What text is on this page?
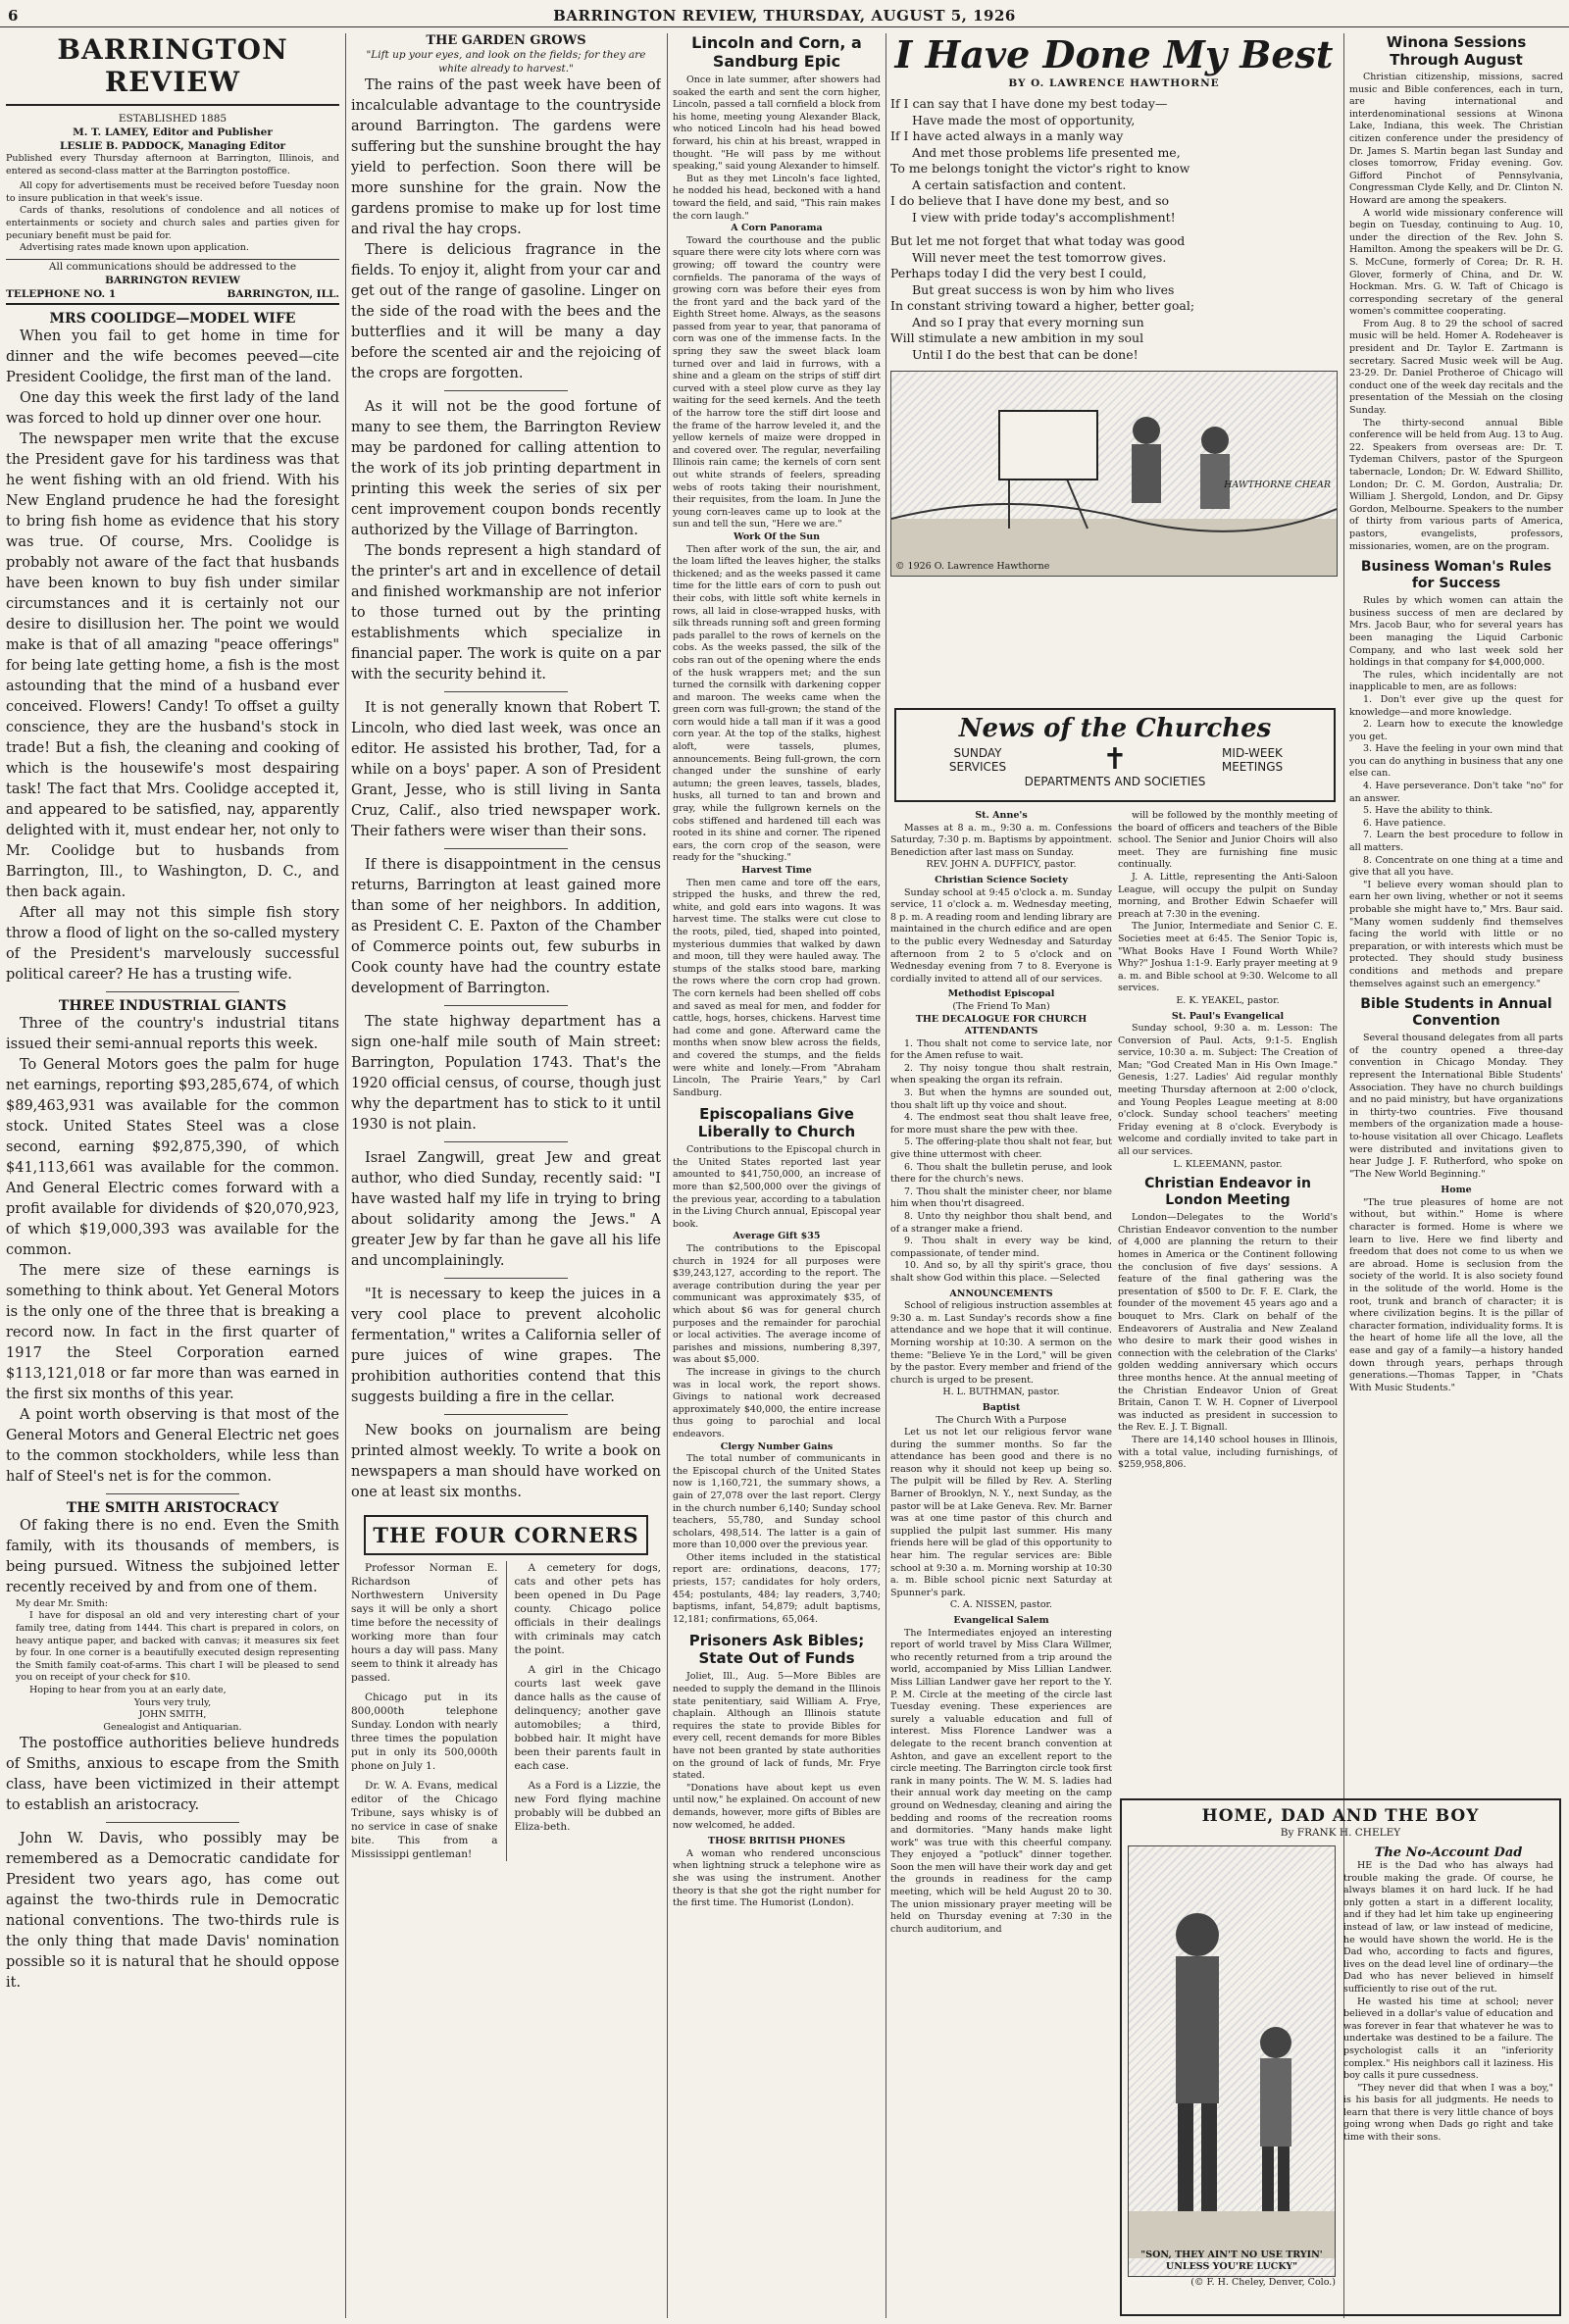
6	BARRINGTON REVIEW, THURSDAY, AUGUST 5, 1926
BARRINGTON REVIEW
ESTABLISHED 1885
M. T. LAMEY, Editor and Publisher
LESLIE B. PADDOCK, Managing Editor

Published every Thursday afternoon at Barrington, Illinois, and entered as second-class matter at the Barrington postoffice.

All copy for advertisements must be received before Tuesday noon to insure publication in that week's issue.

Cards of thanks, resolutions of condolence and all notices of entertainments or society and church sales and parties given for pecuniary benefit must be paid for.

Advertising rates made known upon application.

All communications should be addressed to the
BARRINGTON REVIEW
TELEPHONE NO. 1	BARRINGTON, ILL.
MRS COOLIDGE—MODEL WIFE

When you fail to get home in time for dinner and the wife becomes peeved—cite President Coolidge, the first man of the land.

One day this week the first lady of the land was forced to hold up dinner over one hour.

The newspaper men write that the excuse the President gave for his tardiness was that he went fishing with an old friend. With his New England prudence he had the foresight to bring fish home as evidence that his story was true. Of course, Mrs. Coolidge is probably not aware of the fact that husbands have been known to buy fish under similar circumstances and it is certainly not our desire to disillusion her. The point we would make is that of all amazing "peace offerings" for being late getting home, a fish is the most astounding that the mind of a husband ever conceived. Flowers! Candy! To offset a guilty conscience, they are the husband's stock in trade! But a fish, the cleaning and cooking of which is the housewife's most despairing task! The fact that Mrs. Coolidge accepted it, and appeared to be satisfied, nay, apparently delighted with it, must endear her, not only to Mr. Coolidge but to husbands from Barrington, Ill., to Washington, D. C., and then back again.

After all may not this simple fish story throw a flood of light on the so-called mystery of the President's marvelously successful political career? He has a trusting wife.

THREE INDUSTRIAL GIANTS

Three of the country's industrial titans issued their semi-annual reports this week.

To General Motors goes the palm for huge net earnings, reporting $93,285,674, of which $89,463,931 was available for the common stock. United States Steel was a close second, earning $92,875,390, of which $41,113,661 was available for the common. And General Electric comes forward with a profit available for dividends of $20,070,923, of which $19,000,393 was available for the common.

The mere size of these earnings is something to think about. Yet General Motors is the only one of the three that is breaking a record now. In fact in the first quarter of 1917 the Steel Corporation earned $113,121,018 or far more than was earned in the first six months of this year.

A point worth observing is that most of the General Motors and General Electric net goes to the common stockholders, while less than half of Steel's net is for the common.

THE SMITH ARISTOCRACY

Of faking there is no end. Even the Smith family, with its thousands of members, is being pursued. Witness the subjoined letter recently received by and from one of them.

My dear Mr. Smith:

I have for disposal an old and very interesting chart of your family tree, dating from 1444. This chart is prepared in colors, on heavy antique paper, and backed with canvas; it measures six feet by four. In one corner is a beautifully executed design representing the Smith family coat-of-arms. This chart I will be pleased to send you on receipt of your check for $10.

Hoping to hear from you at an early date,

Yours very truly,

JOHN SMITH,

Genealogist and Antiquarian.

The postoffice authorities believe hundreds of Smiths, anxious to escape from the Smith class, have been victimized in their attempt to establish an aristocracy.

John W. Davis, who possibly may be remembered as a Democratic candidate for President two years ago, has come out against the two-thirds rule in Democratic national conventions. The two-thirds rule is the only thing that made Davis' nomination possible so it is natural that he should oppose it.

THE GARDEN GROWS

"Lift up your eyes, and look on the fields; for they are white already to harvest."

The rains of the past week have been of incalculable advantage to the countryside around Barrington. The gardens were suffering but the sunshine brought the hay yield to perfection. Soon there will be more sunshine for the grain. Now the gardens promise to make up for lost time and rival the hay crops.

There is delicious fragrance in the fields. To enjoy it, alight from your car and get out of the range of gasoline. Linger on the side of the road with the bees and the butterflies and it will be many a day before the scented air and the rejoicing of the crops are forgotten.

As it will not be the good fortune of many to see them, the Barrington Review may be pardoned for calling attention to the work of its job printing department in printing this week the series of six per cent improvement coupon bonds recently authorized by the Village of Barrington.

The bonds represent a high standard of the printer's art and in excellence of detail and finished workmanship are not inferior to those turned out by the printing establishments which specialize in financial paper. The work is quite on a par with the security behind it.

It is not generally known that Robert T. Lincoln, who died last week, was once an editor. He assisted his brother, Tad, for a while on a boys' paper. A son of President Grant, Jesse, who is still living in Santa Cruz, Calif., also tried newspaper work. Their fathers were wiser than their sons.

If there is disappointment in the census returns, Barrington at least gained more than some of her neighbors. In addition, as President C. E. Paxton of the Chamber of Commerce points out, few suburbs in Cook county have had the country estate development of Barrington.

The state highway department has a sign one-half mile south of Main street: Barrington, Population 1743. That's the 1920 official census, of course, though just why the department has to stick to it until 1930 is not plain.

Israel Zangwill, great Jew and great author, who died Sunday, recently said: "I have wasted half my life in trying to bring about solidarity among the Jews." A greater Jew by far than he gave all his life and uncomplainingly.

"It is necessary to keep the juices in a very cool place to prevent alcoholic fermentation," writes a California seller of pure juices of wine grapes. The prohibition authorities contend that this suggests building a fire in the cellar.

New books on journalism are being printed almost weekly. To write a book on newspapers a man should have worked on one at least six months.

THE FOUR CORNERS

Professor Norman E. Richardson of Northwestern University says it will be only a short time before the necessity of working more than four hours a day will pass. Many seem to think it already has passed.

Chicago put in its 800,000th telephone Sunday. London with nearly three times the population put in only its 500,000th phone on July 1.

Dr. W. A. Evans, medical editor of the Chicago Tribune, says whisky is of no service in case of snake bite. This from a Mississippi gentleman!

A cemetery for dogs, cats and other pets has been opened in Du Page county. Chicago police officials in their dealings with criminals may catch the point.

A girl in the Chicago courts last week gave dance halls as the cause of delinquency; another gave automobiles; a third, bobbed hair. It might have been their parents fault in each case.

As a Ford is a Lizzie, the new Ford flying machine probably will be dubbed an Eliza-beth.

Lincoln and Corn, a Sandburg Epic

Once in late summer, after showers had soaked the earth and sent the corn higher, Lincoln, passed a tall cornfield a block from his home, meeting young Alexander Black, who noticed Lincoln had his head bowed forward, his chin at his breast, wrapped in thought. "He will pass by me without speaking," said young Alexander to himself.

But as they met Lincoln's face lighted, he nodded his head, beckoned with a hand toward the field, and said, "This rain makes the corn laugh."

A Corn Panorama

Toward the courthouse and the public square there were city lots where corn was growing; off toward the country were cornfields. The panorama of the ways of growing corn was before their eyes from the front yard and the back yard of the Eighth Street home. Always, as the seasons passed from year to year, that panorama of corn was one of the immense facts. In the spring they saw the sweet black loam turned over and laid in furrows, with a shine and a gleam on the strips of stiff dirt curved with a steel plow curve as they lay waiting for the seed kernels. And the teeth of the harrow tore the stiff dirt loose and the frame of the harrow leveled it, and the yellow kernels of maize were dropped in and covered over. The regular, neverfailing Illinois rain came; the kernels of corn sent out white strands of feelers, spreading webs of roots taking their nourishment, their requisites, from the loam. In June the young corn-leaves came up to look at the sun and tell the sun, "Here we are."

Work Of the Sun

Then after work of the sun, the air, and the loam lifted the leaves higher, the stalks thickened; and as the weeks passed it came time for the little ears of corn to push out their cobs, with little soft white kernels in rows, all laid in close-wrapped husks, with silk threads running soft and green forming pads parallel to the rows of kernels on the cobs. As the weeks passed, the silk of the cobs ran out of the opening where the ends of the husk wrappers met; and the sun turned the cornsilk with darkening copper and maroon. The weeks came when the green corn was full-grown; the stand of the corn would hide a tall man if it was a good corn year. At the top of the stalks, highest aloft, were tassels, plumes, announcements. Being full-grown, the corn changed under the sunshine of early autumn; the green leaves, tassels, blades, husks, all turned to tan and brown and gray, while the fullgrown kernels on the cobs stiffened and hardened till each was rooted in its shine and corner. The ripened ears, the corn crop of the season, were ready for the "shucking."

Harvest Time

Then men came and tore off the ears, stripped the husks, and threw the red, white, and gold ears into wagons. It was harvest time. The stalks were cut close to the roots, piled, tied, shaped into pointed, mysterious dummies that walked by dawn and moon, till they were hauled away. The stumps of the stalks stood bare, marking the rows where the corn crop had grown. The corn kernels had been shelled off cobs and saved as meal for men, and fodder for cattle, hogs, horses, chickens. Harvest time had come and gone. Afterward came the months when snow blew across the fields, and covered the stumps, and the fields were white and lonely.—From "Abraham Lincoln, The Prairie Years," by Carl Sandburg.

Episcopalians Give Liberally to Church

Contributions to the Episcopal church in the United States reported last year amounted to $41,750,000, an increase of more than $2,500,000 over the givings of the previous year, according to a tabulation in the Living Church annual, Episcopal year book.

Average Gift $35

The contributions to the Episcopal church in 1924 for all purposes were $39,243,127, according to the report. The average contribution during the year per communicant was approximately $35, of which about $6 was for general church purposes and the remainder for parochial or local activities. The average income of parishes and missions, numbering 8,397, was about $5,000.

The increase in givings to the church was in local work, the report shows. Givings to national work decreased approximately $40,000, the entire increase thus going to parochial and local endeavors.

Clergy Number Gains

The total number of communicants in the Episcopal church of the United States now is 1,160,721, the summary shows, a gain of 27,078 over the last report. Clergy in the church number 6,140; Sunday school teachers, 55,780, and Sunday school scholars, 498,514. The latter is a gain of more than 10,000 over the previous year.

Other items included in the statistical report are: ordinations, deacons, 177; priests, 157; candidates for holy orders, 454; postulants, 484; lay readers, 3,740; baptisms, infant, 54,879; adult baptisms, 12,181; confirmations, 65,064.

Prisoners Ask Bibles; State Out of Funds

Joliet, Ill., Aug. 5—More Bibles are needed to supply the demand in the Illinois state penitentiary, said William A. Frye, chaplain. Although an Illinois statute requires the state to provide Bibles for every cell, recent demands for more Bibles have not been granted by state authorities on the ground of lack of funds, Mr. Frye stated.

"Donations have about kept us even until now," he explained. On account of new demands, however, more gifts of Bibles are now welcomed, he added.

THOSE BRITISH PHONES

A woman who rendered unconscious when lightning struck a telephone wire as she was using the instrument. Another theory is that she got the right number for the first time. The Humorist (London).

I Have Done My Best
BY O. LAWRENCE HAWTHORNE
If I can say that I have done my best today—
Have made the most of opportunity,
If I have acted always in a manly way
And met those problems life presented me,
To me belongs tonight the victor's right to know
A certain satisfaction and content.
I do believe that I have done my best, and so
I view with pride today's accomplishment!
But let me not forget that what today was good
Will never meet the test tomorrow gives.
Perhaps today I did the very best I could,
But great success is won by him who lives
In constant striving toward a higher, better goal;
And so I pray that every morning sun
Will stimulate a new ambition in my soul
Until I do the best that can be done!
© 1926 O. Lawrence Hawthorne
HAWTHORNE CHEAR
News of the Churches
SUNDAY
SERVICES	✝	MID-WEEK
MEETINGS
DEPARTMENTS AND SOCIETIES
St. Anne's

Masses at 8 a. m., 9:30 a. m. Confessions Saturday, 7:30 p. m. Baptisms by appointment. Benediction after last mass on Sunday.

REV. JOHN A. DUFFICY, pastor.

Christian Science Society

Sunday school at 9:45 o'clock a. m. Sunday service, 11 o'clock a. m. Wednesday meeting, 8 p. m. A reading room and lending library are maintained in the church edifice and are open to the public every Wednesday and Saturday afternoon from 2 to 5 o'clock and on Wednesday evening from 7 to 8. Everyone is cordially invited to attend all of our services.

Methodist Episcopal
(The Friend To Man)
THE DECALOGUE FOR CHURCH ATTENDANTS

1. Thou shalt not come to service late, nor for the Amen refuse to wait.

2. Thy noisy tongue thou shalt restrain, when speaking the organ its refrain.

3. But when the hymns are sounded out, thou shalt lift up thy voice and shout.

4. The endmost seat thou shalt leave free, for more must share the pew with thee.

5. The offering-plate thou shalt not fear, but give thine uttermost with cheer.

6. Thou shalt the bulletin peruse, and look there for the church's news.

7. Thou shalt the minister cheer, nor blame him when thou'rt disagreed.

8. Unto thy neighbor thou shalt bend, and of a stranger make a friend.

9. Thou shalt in every way be kind, compassionate, of tender mind.

10. And so, by all thy spirit's grace, thou shalt show God within this place. —Selected

ANNOUNCEMENTS

School of religious instruction assembles at 9:30 a. m. Last Sunday's records show a fine attendance and we hope that it will continue. Morning worship at 10:30. A sermon on the theme: "Believe Ye in the Lord," will be given by the pastor. Every member and friend of the church is urged to be present.

H. L. BUTHMAN, pastor.

Baptist
The Church With a Purpose

Let us not let our religious fervor wane during the summer months. So far the attendance has been good and there is no reason why it should not keep up being so. The pulpit will be filled by Rev. A. Sterling Barner of Brooklyn, N. Y., next Sunday, as the pastor will be at Lake Geneva. Rev. Mr. Barner was at one time pastor of this church and supplied the pulpit last summer. His many friends here will be glad of this opportunity to hear him. The regular services are: Bible school at 9:30 a. m. Morning worship at 10:30 a. m. Bible school picnic next Saturday at Spunner's park.

C. A. NISSEN, pastor.

Evangelical Salem

The Intermediates enjoyed an interesting report of world travel by Miss Clara Willmer, who recently returned from a trip around the world, accompanied by Miss Lillian Landwer. Miss Lillian Landwer gave her report to the Y. P. M. Circle at the meeting of the circle last Tuesday evening. These experiences are surely a valuable education and full of interest. Miss Florence Landwer was a delegate to the recent branch convention at Ashton, and gave an excellent report to the circle meeting. The Barrington circle took first rank in many points. The W. M. S. ladies had their annual work day meeting on the camp ground on Wednesday, cleaning and airing the bedding and rooms of the recreation rooms and dormitories. "Many hands make light work" was true with this cheerful company. They enjoyed a "potluck" dinner together. Soon the men will have their work day and get the grounds in readiness for the camp meeting, which will be held August 20 to 30. The union missionary prayer meeting will be held on Thursday evening at 7:30 in the church auditorium, and

will be followed by the monthly meeting of the board of officers and teachers of the Bible school. The Senior and Junior Choirs will also meet. They are furnishing fine music continually.

J. A. Little, representing the Anti-Saloon League, will occupy the pulpit on Sunday morning, and Brother Edwin Schaefer will preach at 7:30 in the evening.

The Junior, Intermediate and Senior C. E. Societies meet at 6:45. The Senior Topic is, "What Books Have I Found Worth While? Why?" Joshua 1:1-9. Early prayer meeting at 9 a. m. and Bible school at 9:30. Welcome to all services.

E. K. YEAKEL, pastor.

St. Paul's Evangelical

Sunday school, 9:30 a. m. Lesson: The Conversion of Paul. Acts, 9:1-5. English service, 10:30 a. m. Subject: The Creation of Man; "God Created Man in His Own Image." Genesis, 1:27. Ladies' Aid regular monthly meeting Thursday afternoon at 2:00 o'clock, and Young Peoples League meeting at 8:00 o'clock. Sunday school teachers' meeting Friday evening at 8 o'clock. Everybody is welcome and cordially invited to take part in all our services.

L. KLEEMANN, pastor.

Christian Endeavor in London Meeting

London—Delegates to the World's Christian Endeavor convention to the number of 4,000 are planning the return to their homes in America or the Continent following the conclusion of five days' sessions. A feature of the final gathering was the presentation of $500 to Dr. F. E. Clark, the founder of the movement 45 years ago and a bouquet to Mrs. Clark on behalf of the Endeavorers of Australia and New Zealand who desire to mark their good wishes in connection with the celebration of the Clarks' golden wedding anniversary which occurs three months hence. At the annual meeting of the Christian Endeavor Union of Great Britain, Canon T. W. H. Copner of Liverpool was inducted as president in succession to the Rev. E. J. T. Bignall.

There are 14,140 school houses in Illinois, with a total value, including furnishings, of $259,958,806.

HOME, DAD AND THE BOY
By FRANK H. CHELEY
"SON, THEY AIN'T NO USE TRYIN' UNLESS YOU'RE LUCKY"
(© F. H. Cheley, Denver, Colo.)
The No-Account Dad

HE is the Dad who has always had trouble making the grade. Of course, he always blames it on hard luck. If he had only gotten a start in a different locality, and if they had let him take up engineering instead of law, or law instead of medicine, he would have shown the world. He is the Dad who, according to facts and figures, lives on the dead level line of ordinary—the Dad who has never believed in himself sufficiently to rise out of the rut.

He wasted his time at school; never believed in a dollar's value of education and was forever in fear that whatever he was to undertake was destined to be a failure. The psychologist calls it an "inferiority complex." His neighbors call it laziness. His boy calls it pure cussedness.

"They never did that when I was a boy," is his basis for all judgments. He needs to learn that there is very little chance of boys going wrong when Dads go right and take time with their sons.

Winona Sessions Through August

Christian citizenship, missions, sacred music and Bible conferences, each in turn, are having international and interdenominational sessions at Winona Lake, Indiana, this week. The Christian citizen conference under the presidency of Dr. James S. Martin began last Sunday and closes tomorrow, Friday evening. Gov. Gifford Pinchot of Pennsylvania, Congressman Clyde Kelly, and Dr. Clinton N. Howard are among the speakers.

A world wide missionary conference will begin on Tuesday, continuing to Aug. 10, under the direction of the Rev. John S. Hamilton. Among the speakers will be Dr. G. S. McCune, formerly of Corea; Dr. R. H. Glover, formerly of China, and Dr. W. Hockman. Mrs. G. W. Taft of Chicago is corresponding secretary of the general women's committee cooperating.

From Aug. 8 to 29 the school of sacred music will be held. Homer A. Rodeheaver is president and Dr. Taylor E. Zartmann is secretary. Sacred Music week will be Aug. 23-29. Dr. Daniel Protheroe of Chicago will conduct one of the week day recitals and the presentation of the Messiah on the closing Sunday.

The thirty-second annual Bible conference will be held from Aug. 13 to Aug. 22. Speakers from overseas are: Dr. T. Tydeman Chilvers, pastor of the Spurgeon tabernacle, London; Dr. W. Edward Shillito, London; Dr. C. M. Gordon, Australia; Dr. William J. Shergold, London, and Dr. Gipsy Gordon, Melbourne. Speakers to the number of thirty from various parts of America, pastors, evangelists, professors, missionaries, women, are on the program.

Business Woman's Rules for Success

Rules by which women can attain the business success of men are declared by Mrs. Jacob Baur, who for several years has been managing the Liquid Carbonic Company, and who last week sold her holdings in that company for $4,000,000.

The rules, which incidentally are not inapplicable to men, are as follows:

1. Don't ever give up the quest for knowledge—and more knowledge.

2. Learn how to execute the knowledge you get.

3. Have the feeling in your own mind that you can do anything in business that any one else can.

4. Have perseverance. Don't take "no" for an answer.

5. Have the ability to think.

6. Have patience.

7. Learn the best procedure to follow in all matters.

8. Concentrate on one thing at a time and give that all you have.

"I believe every woman should plan to earn her own living, whether or not it seems probable she might have to," Mrs. Baur said. "Many women suddenly find themselves facing the world with little or no preparation, or with interests which must be protected. They should study business conditions and methods and prepare themselves against such an emergency."

Bible Students in Annual Convention

Several thousand delegates from all parts of the country opened a three-day convention in Chicago Monday. They represent the International Bible Students' Association. They have no church buildings and no paid ministry, but have organizations in thirty-two countries. Five thousand members of the organization made a house-to-house visitation all over Chicago. Leaflets were distributed and invitations given to hear Judge J. F. Rutherford, who spoke on "The New World Beginning."

Home

"The true pleasures of home are not without, but within." Home is where character is formed. Home is where we learn to live. Here we find liberty and freedom that does not come to us when we are abroad. Home is seclusion from the society of the world. It is also society found in the solitude of the world. Home is the root, trunk and branch of character; it is where civilization begins. It is the pillar of character formation, individuality forms. It is the heart of home life all the love, all the ease and gay of a family—a history handed down through years, perhaps through generations.—Thomas Tapper, in "Chats With Music Students."
